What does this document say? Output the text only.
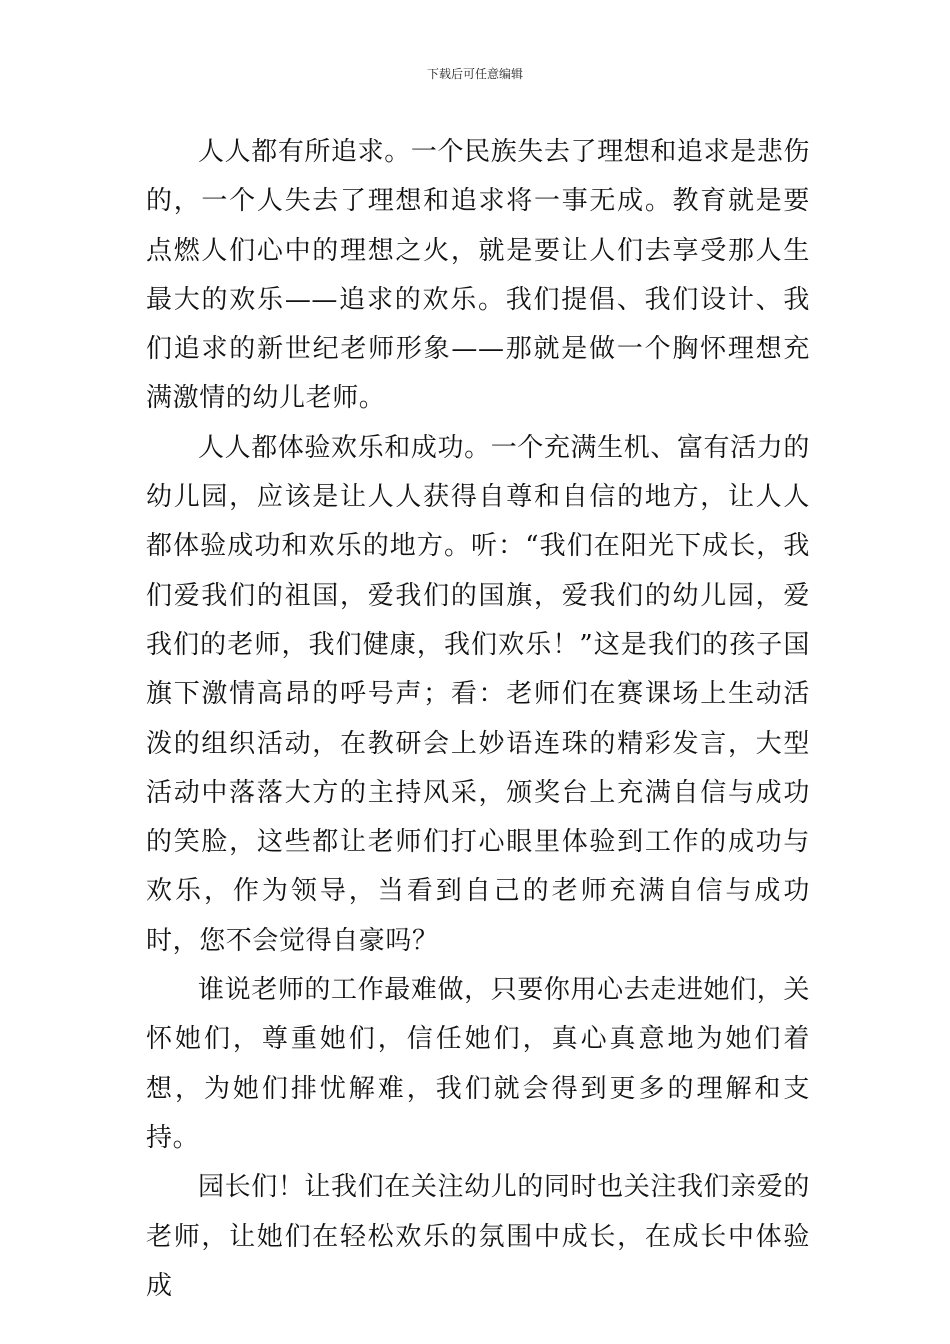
下载后可任意编辑

人人都有所追求。一个民族失去了理想和追求是悲伤的，一个人失去了理想和追求将一事无成。教育就是要点燃人们心中的理想之火，就是要让人们去享受那人生最大的欢乐——追求的欢乐。我们提倡、我们设计、我们追求的新世纪老师形象——那就是做一个胸怀理想充满激情的幼儿老师。

人人都体验欢乐和成功。一个充满生机、富有活力的幼儿园，应该是让人人获得自尊和自信的地方，让人人都体验成功和欢乐的地方。听：“我们在阳光下成长，我们爱我们的祖国，爱我们的国旗，爱我们的幼儿园，爱我们的老师，我们健康，我们欢乐！”这是我们的孩子国旗下激情高昂的呼号声；看：老师们在赛课场上生动活泼的组织活动，在教研会上妙语连珠的精彩发言，大型活动中落落大方的主持风采，颁奖台上充满自信与成功的笑脸，这些都让老师们打心眼里体验到工作的成功与欢乐，作为领导，当看到自己的老师充满自信与成功时，您不会觉得自豪吗？

谁说老师的工作最难做，只要你用心去走进她们，关怀她们，尊重她们，信任她们，真心真意地为她们着想，为她们排忧解难，我们就会得到更多的理解和支持。

园长们！让我们在关注幼儿的同时也关注我们亲爱的老师，让她们在轻松欢乐的氛围中成长，在成长中体验成
